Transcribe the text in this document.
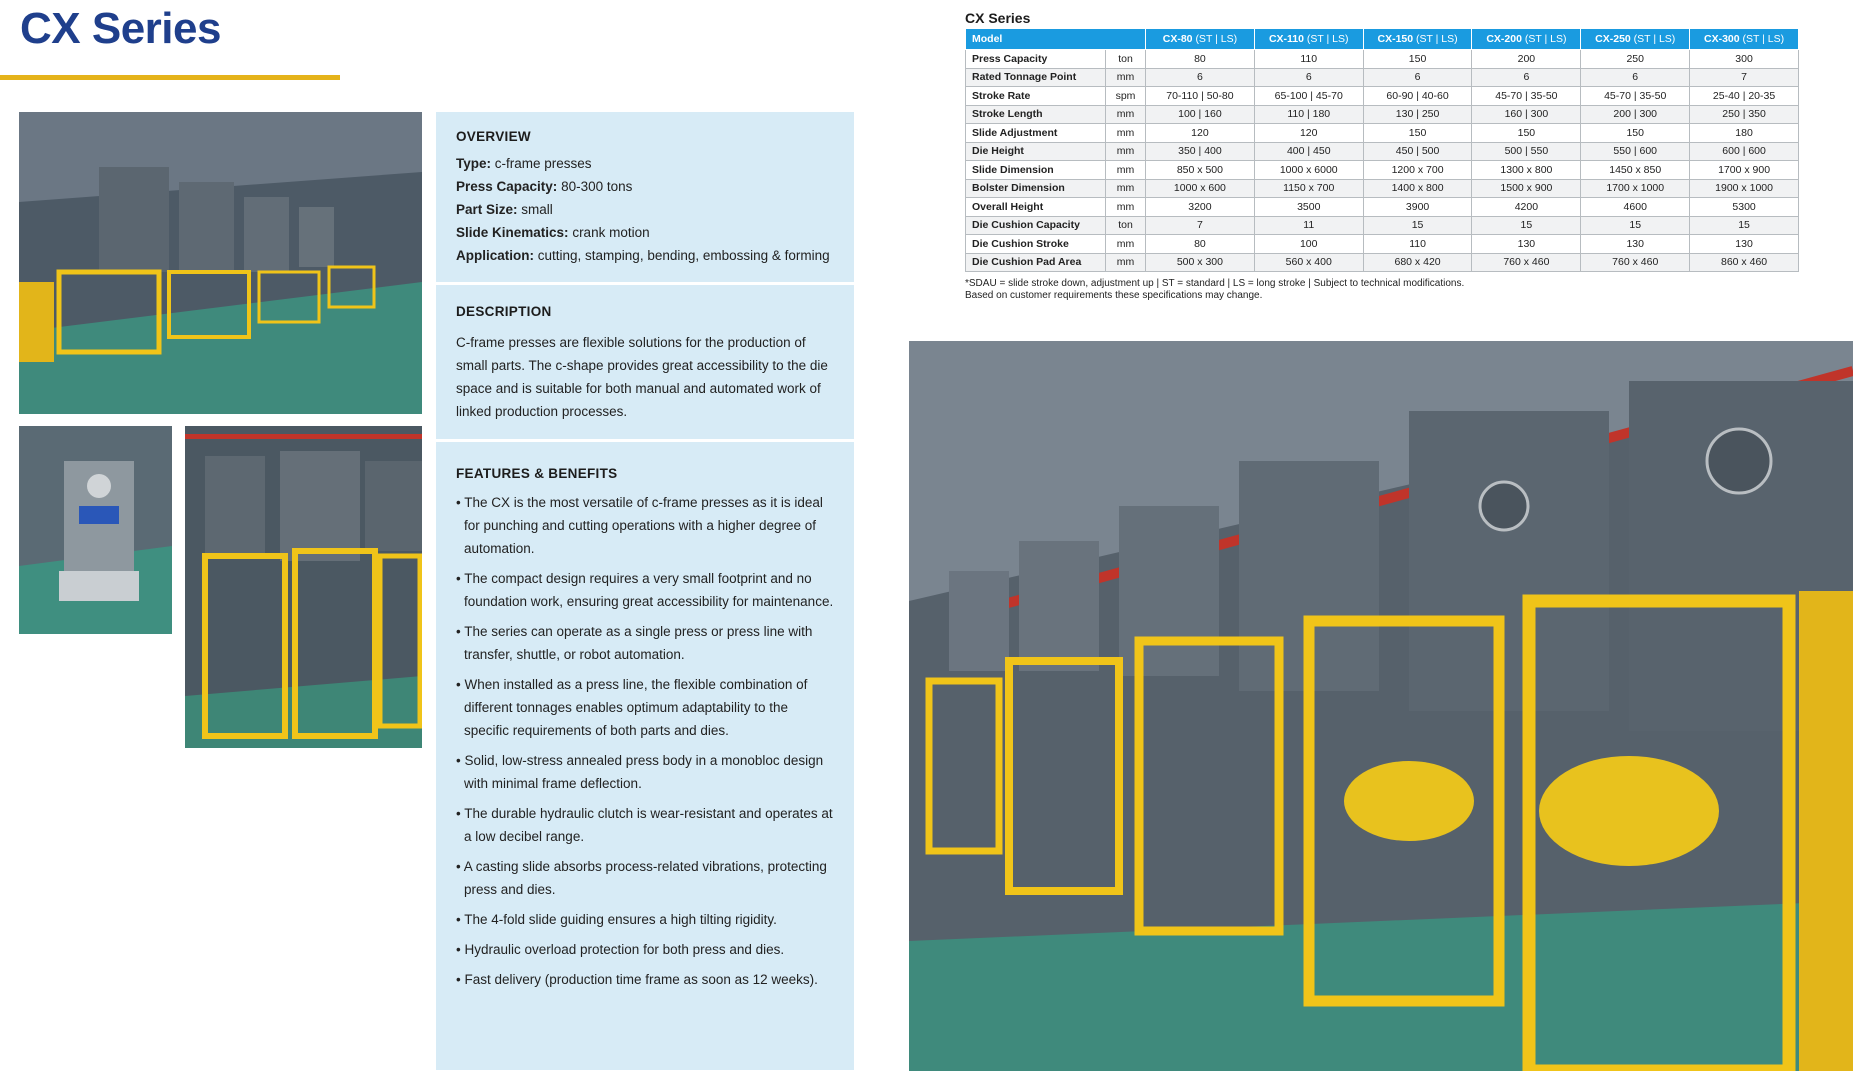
CX Series
OVERVIEW
Type: c-frame presses
Press Capacity: 80-300 tons
Part Size: small
Slide Kinematics: crank motion
Application: cutting, stamping, bending, embossing & forming
DESCRIPTION
C-frame presses are flexible solutions for the production of small parts. The c-shape provides great accessibility to the die space and is suitable for both manual and automated work of linked production processes.
FEATURES & BENEFITS
• The CX is the most versatile of c-frame presses as it is ideal for punching and cutting operations with a higher degree of automation.
• The compact design requires a very small footprint and no foundation work, ensuring great accessibility for maintenance.
• The series can operate as a single press or press line with transfer, shuttle, or robot automation.
• When installed as a press line, the flexible combination of different tonnages enables optimum adaptability to the specific requirements of both parts and dies.
• Solid, low-stress annealed press body in a monobloc design with minimal frame deflection.
• The durable hydraulic clutch is wear-resistant and operates at a low decibel range.
• A casting slide absorbs process-related vibrations, protecting press and dies.
• The 4-fold slide guiding ensures a high tilting rigidity.
• Hydraulic overload protection for both press and dies.
• Fast delivery (production time frame as soon as 12 weeks).
CX Series
Model		CX-80 (ST | LS)	CX-110 (ST | LS)	CX-150 (ST | LS)	CX-200 (ST | LS)	CX-250 (ST | LS)	CX-300 (ST | LS)
Press Capacity	ton	80	110	150	200	250	300
Rated Tonnage Point	mm	6	6	6	6	6	7
Stroke Rate	spm	70-110 | 50-80	65-100 | 45-70	60-90 | 40-60	45-70 | 35-50	45-70 | 35-50	25-40 | 20-35
Stroke Length	mm	100 | 160	110 | 180	130 | 250	160 | 300	200 | 300	250 | 350
Slide Adjustment	mm	120	120	150	150	150	180
Die Height	mm	350 | 400	400 | 450	450 | 500	500 | 550	550 | 600	600 | 600
Slide Dimension	mm	850 x 500	1000 x 6000	1200 x 700	1300 x 800	1450 x 850	1700 x 900
Bolster Dimension	mm	1000 x 600	1150 x 700	1400 x 800	1500 x 900	1700 x 1000	1900 x 1000
Overall Height	mm	3200	3500	3900	4200	4600	5300
Die Cushion Capacity	ton	7	11	15	15	15	15
Die Cushion Stroke	mm	80	100	110	130	130	130
Die Cushion Pad Area	mm	500 x 300	560 x 400	680 x 420	760 x 460	760 x 460	860 x 460
*SDAU = slide stroke down, adjustment up | ST = standard | LS = long stroke | Subject to technical modifications.
Based on customer requirements these specifications may change.
